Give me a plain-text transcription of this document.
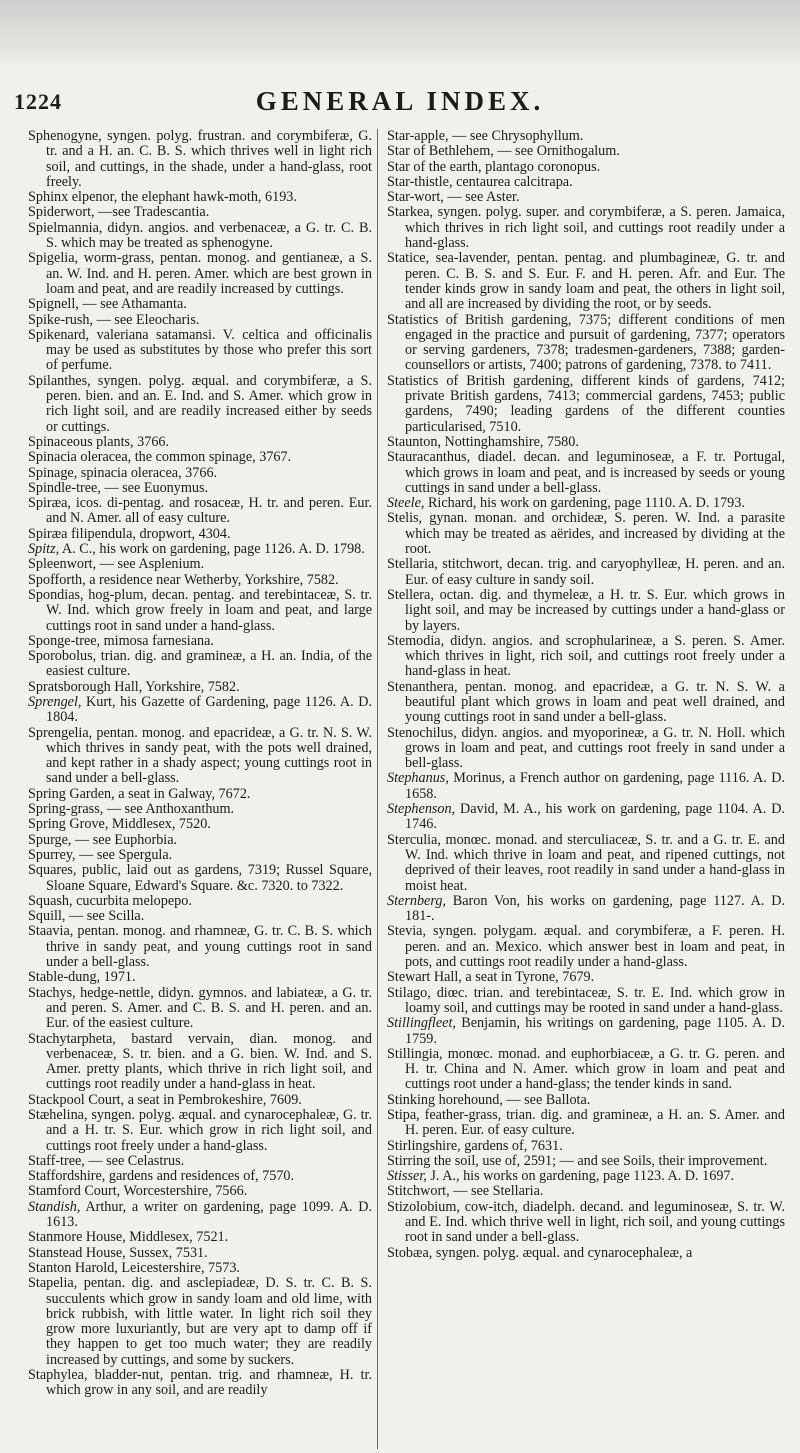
1224	GENERAL INDEX.

Sphenogyne, syngen. polyg. frustran. and corymbiferæ, G. tr. and a H. an. C. B. S. which thrives well in light rich soil, and cuttings, in the shade, under a hand-glass, root freely.

Sphinx elpenor, the elephant hawk-moth, 6193.

Spiderwort, —see Tradescantia.

Spielmannia, didyn. angios. and verbenaceæ, a G. tr. C. B. S. which may be treated as sphenogyne.

Spigelia, worm-grass, pentan. monog. and gentianeæ, a S. an. W. Ind. and H. peren. Amer. which are best grown in loam and peat, and are readily increased by cuttings.

Spignell, — see Athamanta.

Spike-rush, — see Eleocharis.

Spikenard, valeriana satamansi. V. celtica and officinalis may be used as substitutes by those who prefer this sort of perfume.

Spilanthes, syngen. polyg. æqual. and corymbiferæ, a S. peren. bien. and an. E. Ind. and S. Amer. which grow in rich light soil, and are readily increased either by seeds or cuttings.

Spinaceous plants, 3766.

Spinacia oleracea, the common spinage, 3767.

Spinage, spinacia oleracea, 3766.

Spindle-tree, — see Euonymus.

Spiræa, icos. di-pentag. and rosaceæ, H. tr. and peren. Eur. and N. Amer. all of easy culture.

Spiræa filipendula, dropwort, 4304.

Spitz, A. C., his work on gardening, page 1126. A. D. 1798.

Spleenwort, — see Asplenium.

Spofforth, a residence near Wetherby, Yorkshire, 7582.

Spondias, hog-plum, decan. pentag. and terebintaceæ, S. tr. W. Ind. which grow freely in loam and peat, and large cuttings root in sand under a hand-glass.

Sponge-tree, mimosa farnesiana.

Sporobolus, trian. dig. and gramineæ, a H. an. India, of the easiest culture.

Spratsborough Hall, Yorkshire, 7582.

Sprengel, Kurt, his Gazette of Gardening, page 1126. A. D. 1804.

Sprengelia, pentan. monog. and epacrideæ, a G. tr. N. S. W. which thrives in sandy peat, with the pots well drained, and kept rather in a shady aspect; young cuttings root in sand under a bell-glass.

Spring Garden, a seat in Galway, 7672.

Spring-grass, — see Anthoxanthum.

Spring Grove, Middlesex, 7520.

Spurge, — see Euphorbia.

Spurrey, — see Spergula.

Squares, public, laid out as gardens, 7319; Russel Square, Sloane Square, Edward's Square. &c. 7320. to 7322.

Squash, cucurbita melopepo.

Squill, — see Scilla.

Staavia, pentan. monog. and rhamneæ, G. tr. C. B. S. which thrive in sandy peat, and young cuttings root in sand under a bell-glass.

Stable-dung, 1971.

Stachys, hedge-nettle, didyn. gymnos. and labiateæ, a G. tr. and peren. S. Amer. and C. B. S. and H. peren. and an. Eur. of the easiest culture.

Stachytarpheta, bastard vervain, dian. monog. and verbenaceæ, S. tr. bien. and a G. bien. W. Ind. and S. Amer. pretty plants, which thrive in rich light soil, and cuttings root readily under a hand-glass in heat.

Stackpool Court, a seat in Pembrokeshire, 7609.

Stæhelina, syngen. polyg. æqual. and cynarocephaleæ, G. tr. and a H. tr. S. Eur. which grow in rich light soil, and cuttings root freely under a hand-glass.

Staff-tree, — see Celastrus.

Staffordshire, gardens and residences of, 7570.

Stamford Court, Worcestershire, 7566.

Standish, Arthur, a writer on gardening, page 1099. A. D. 1613.

Stanmore House, Middlesex, 7521.

Stanstead House, Sussex, 7531.

Stanton Harold, Leicestershire, 7573.

Stapelia, pentan. dig. and asclepiadeæ, D. S. tr. C. B. S. succulents which grow in sandy loam and old lime, with brick rubbish, with little water. In light rich soil they grow more luxuriantly, but are very apt to damp off if they happen to get too much water; they are readily increased by cuttings, and some by suckers.

Staphylea, bladder-nut, pentan. trig. and rhamneæ, H. tr. which grow in any soil, and are readily

Star-apple, — see Chrysophyllum.

Star of Bethlehem, — see Ornithogalum.

Star of the earth, plantago coronopus.

Star-thistle, centaurea calcitrapa.

Star-wort, — see Aster.

Starkea, syngen. polyg. super. and corymbiferæ, a S. peren. Jamaica, which thrives in rich light soil, and cuttings root readily under a hand-glass.

Statice, sea-lavender, pentan. pentag. and plumbagineæ, G. tr. and peren. C. B. S. and S. Eur. F. and H. peren. Afr. and Eur. The tender kinds grow in sandy loam and peat, the others in light soil, and all are increased by dividing the root, or by seeds.

Statistics of British gardening, 7375; different conditions of men engaged in the practice and pursuit of gardening, 7377; operators or serving gardeners, 7378; tradesmen-gardeners, 7388; garden-counsellors or artists, 7400; patrons of gardening, 7378. to 7411.

Statistics of British gardening, different kinds of gardens, 7412; private British gardens, 7413; commercial gardens, 7453; public gardens, 7490; leading gardens of the different counties particularised, 7510.

Staunton, Nottinghamshire, 7580.

Stauracanthus, diadel. decan. and leguminoseæ, a F. tr. Portugal, which grows in loam and peat, and is increased by seeds or young cuttings in sand under a bell-glass.

Steele, Richard, his work on gardening, page 1110. A. D. 1793.

Stelis, gynan. monan. and orchideæ, S. peren. W. Ind. a parasite which may be treated as aërides, and increased by dividing at the root.

Stellaria, stitchwort, decan. trig. and caryophylleæ, H. peren. and an. Eur. of easy culture in sandy soil.

Stellera, octan. dig. and thymeleæ, a H. tr. S. Eur. which grows in light soil, and may be increased by cuttings under a hand-glass or by layers.

Stemodia, didyn. angios. and scrophularineæ, a S. peren. S. Amer. which thrives in light, rich soil, and cuttings root freely under a hand-glass in heat.

Stenanthera, pentan. monog. and epacrideæ, a G. tr. N. S. W. a beautiful plant which grows in loam and peat well drained, and young cuttings root in sand under a bell-glass.

Stenochilus, didyn. angios. and myoporineæ, a G. tr. N. Holl. which grows in loam and peat, and cuttings root freely in sand under a bell-glass.

Stephanus, Morinus, a French author on gardening, page 1116. A. D. 1658.

Stephenson, David, M. A., his work on gardening, page 1104. A. D. 1746.

Sterculia, monœc. monad. and sterculiaceæ, S. tr. and a G. tr. E. and W. Ind. which thrive in loam and peat, and ripened cuttings, not deprived of their leaves, root readily in sand under a hand-glass in moist heat.

Sternberg, Baron Von, his works on gardening, page 1127. A. D. 181-.

Stevia, syngen. polygam. æqual. and corymbiferæ, a F. peren. H. peren. and an. Mexico. which answer best in loam and peat, in pots, and cuttings root readily under a hand-glass.

Stewart Hall, a seat in Tyrone, 7679.

Stilago, diœc. trian. and terebintaceæ, S. tr. E. Ind. which grow in loamy soil, and cuttings may be rooted in sand under a hand-glass.

Stillingfleet, Benjamin, his writings on gardening, page 1105. A. D. 1759.

Stillingia, monœc. monad. and euphorbiaceæ, a G. tr. G. peren. and H. tr. China and N. Amer. which grow in loam and peat and cuttings root under a hand-glass; the tender kinds in sand.

Stinking horehound, — see Ballota.

Stipa, feather-grass, trian. dig. and gramineæ, a H. an. S. Amer. and H. peren. Eur. of easy culture.

Stirlingshire, gardens of, 7631.

Stirring the soil, use of, 2591; — and see Soils, their improvement.

Stisser, J. A., his works on gardening, page 1123. A. D. 1697.

Stitchwort, — see Stellaria.

Stizolobium, cow-itch, diadelph. decand. and leguminoseæ, S. tr. W. and E. Ind. which thrive well in light, rich soil, and young cuttings root in sand under a bell-glass.

Stobæa, syngen. polyg. æqual. and cynarocephaleæ, a
